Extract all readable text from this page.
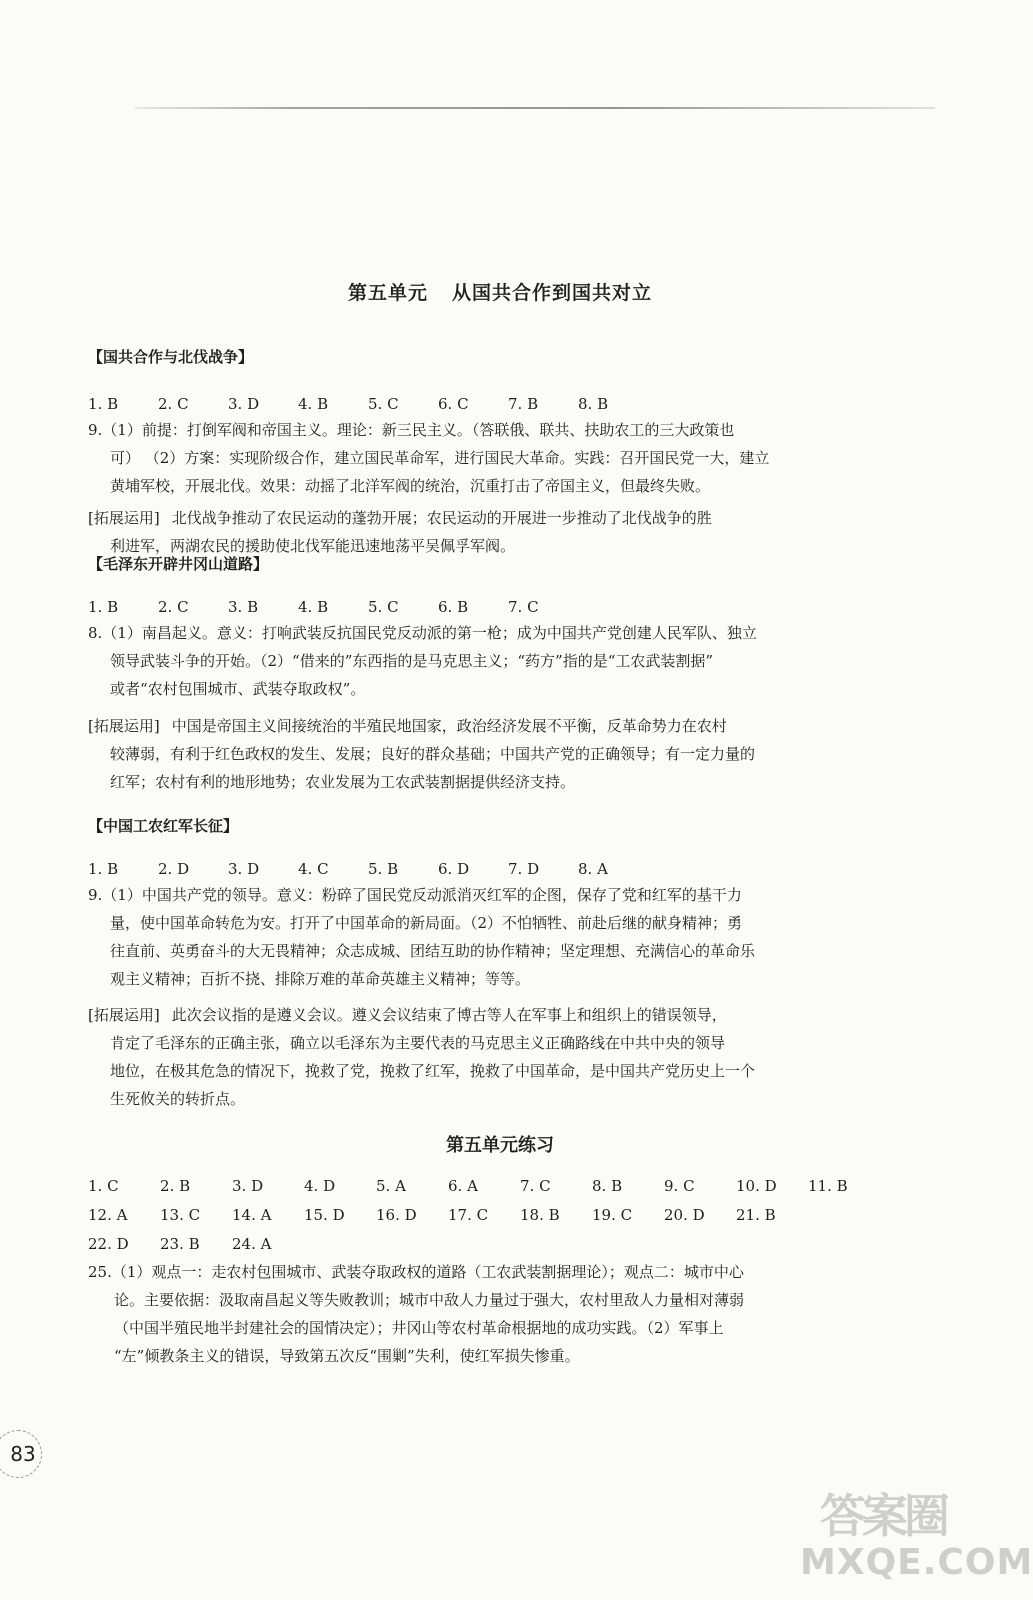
第五单元 从国共合作到国共对立
【国共合作与北伐战争】
1. B	2. C	3. D	4. B	5. C	6. C	7. B	8. B
9.（1）前提：打倒军阀和帝国主义。理论：新三民主义。（答联俄、联共、扶助农工的三大政策也
可） （2）方案：实现阶级合作，建立国民革命军，进行国民大革命。实践：召开国民党一大，建立
黄埔军校，开展北伐。效果：动摇了北洋军阀的统治，沉重打击了帝国主义，但最终失败。
[拓展运用] 北伐战争推动了农民运动的蓬勃开展；农民运动的开展进一步推动了北伐战争的胜
利进军，两湖农民的援助使北伐军能迅速地荡平吴佩孚军阀。
【毛泽东开辟井冈山道路】
1. B	2. C	3. B	4. B	5. C	6. B	7. C
8.（1）南昌起义。意义：打响武装反抗国民党反动派的第一枪；成为中国共产党创建人民军队、独立
领导武装斗争的开始。（2）“借来的”东西指的是马克思主义；“药方”指的是“工农武装割据”
或者“农村包围城市、武装夺取政权”。
[拓展运用] 中国是帝国主义间接统治的半殖民地国家，政治经济发展不平衡，反革命势力在农村
较薄弱，有利于红色政权的发生、发展；良好的群众基础；中国共产党的正确领导；有一定力量的
红军；农村有利的地形地势；农业发展为工农武装割据提供经济支持。
【中国工农红军长征】
1. B	2. D	3. D	4. C	5. B	6. D	7. D	8. A
9.（1）中国共产党的领导。意义：粉碎了国民党反动派消灭红军的企图，保存了党和红军的基干力
量，使中国革命转危为安。打开了中国革命的新局面。（2）不怕牺牲、前赴后继的献身精神；勇
往直前、英勇奋斗的大无畏精神；众志成城、团结互助的协作精神；坚定理想、充满信心的革命乐
观主义精神；百折不挠、排除万难的革命英雄主义精神；等等。
[拓展运用] 此次会议指的是遵义会议。遵义会议结束了博古等人在军事上和组织上的错误领导，
肯定了毛泽东的正确主张，确立以毛泽东为主要代表的马克思主义正确路线在中共中央的领导
地位，在极其危急的情况下，挽救了党，挽救了红军，挽救了中国革命，是中国共产党历史上一个
生死攸关的转折点。
第五单元练习
1. C	2. B	3. D	4. D	5. A	6. A	7. C	8. B	9. C	10. D 11. B
12. A 13. C 14. A 15. D 16. D 17. C 18. B 19. C 20. D 21. B
22. D 23. B 24. A
25.（1）观点一：走农村包围城市、武装夺取政权的道路（工农武装割据理论）；观点二：城市中心
论。主要依据：汲取南昌起义等失败教训；城市中敌人力量过于强大，农村里敌人力量相对薄弱
（中国半殖民地半封建社会的国情决定）；井冈山等农村革命根据地的成功实践。（2）军事上
“左”倾教条主义的错误，导致第五次反“围剿”失利，使红军损失惨重。
83
答案圈
MXQE.COM
